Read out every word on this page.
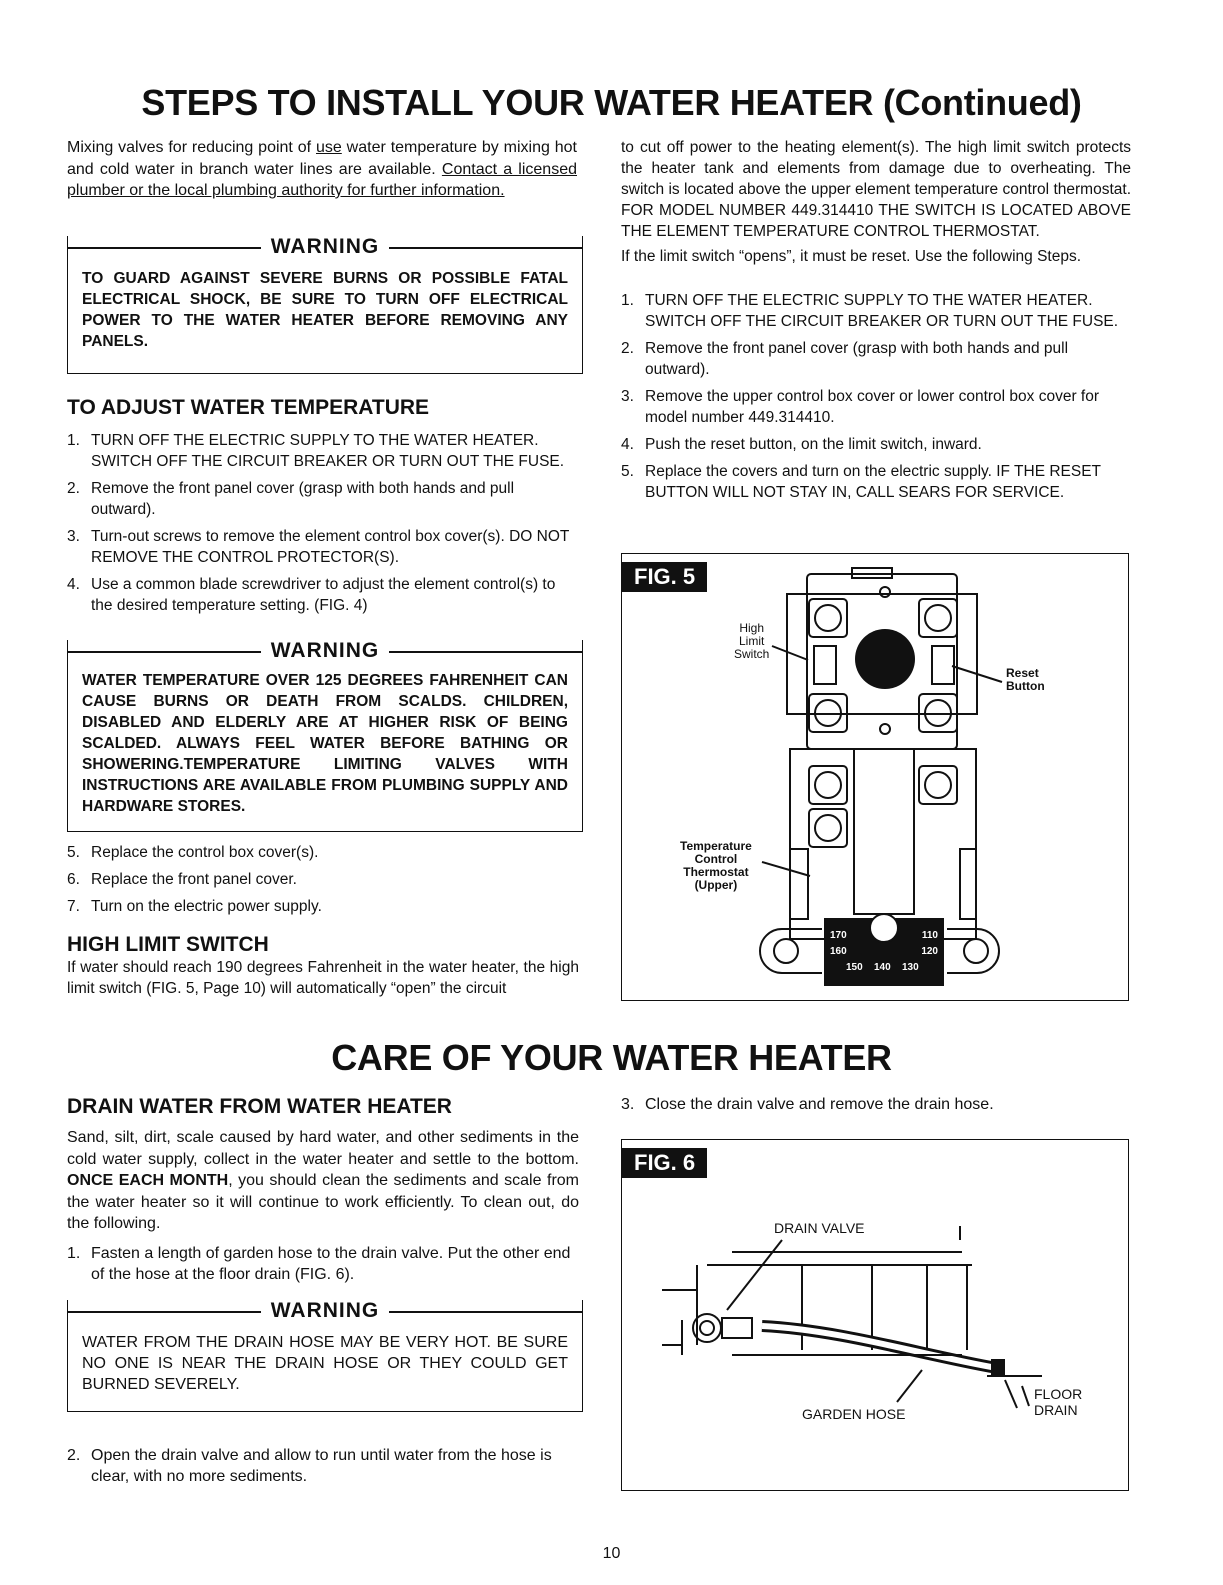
STEPS TO INSTALL YOUR WATER HEATER (Continued)
Mixing valves for reducing point of use water temperature by mixing hot and cold water in branch water lines are available. Contact a licensed plumber or the local plumbing authority for further information.
WARNING
TO GUARD AGAINST SEVERE BURNS OR POSSIBLE FATAL ELECTRICAL SHOCK, BE SURE TO TURN OFF ELECTRICAL POWER TO THE WATER HEATER BEFORE REMOVING ANY PANELS.
TO ADJUST WATER TEMPERATURE
1. TURN OFF THE ELECTRIC SUPPLY TO THE WATER HEATER. SWITCH OFF THE CIRCUIT BREAKER OR TURN OUT THE FUSE.
2. Remove the front panel cover (grasp with both hands and pull outward).
3. Turn-out screws to remove the element control box cover(s). DO NOT REMOVE THE CONTROL PROTECTOR(S).
4. Use a common blade screwdriver to adjust the element control(s) to the desired temperature setting. (FIG. 4)
WARNING
WATER TEMPERATURE OVER 125 DEGREES FAHRENHEIT CAN CAUSE BURNS OR DEATH FROM SCALDS. CHILDREN, DISABLED AND ELDERLY ARE AT HIGHER RISK OF BEING SCALDED. ALWAYS FEEL WATER BEFORE BATHING OR SHOWERING.TEMPERATURE LIMITING VALVES WITH INSTRUCTIONS ARE AVAILABLE FROM PLUMBING SUPPLY AND HARDWARE STORES.
5. Replace the control box cover(s).
6. Replace the front panel cover.
7. Turn on the electric power supply.
HIGH LIMIT SWITCH
If water should reach 190 degrees Fahrenheit in the water heater, the high limit switch (FIG. 5, Page 10) will automatically “open” the circuit
to cut off power to the heating element(s). The high limit switch protects the heater tank and elements from damage due to overheating. The switch is located above the upper element temperature control thermostat. FOR MODEL NUMBER 449.314410 THE SWITCH IS LOCATED ABOVE THE ELEMENT TEMPERATURE CONTROL THERMOSTAT.
If the limit switch “opens”, it must be reset. Use the following Steps.
1. TURN OFF THE ELECTRIC SUPPLY TO THE WATER HEATER. SWITCH OFF THE CIRCUIT BREAKER OR TURN OUT THE FUSE.
2. Remove the front panel cover (grasp with both hands and pull outward).
3. Remove the upper control box cover or lower control box cover for model number 449.314410.
4. Push the reset button, on the limit switch, inward.
5. Replace the covers and turn on the electric supply. IF THE RESET BUTTON WILL NOT STAY IN, CALL SEARS FOR SERVICE.
FIG. 5
High
Limit
Switch
Reset
Button
Temperature
Control
Thermostat
(Upper)
170	110
160	120
150 140 130
CARE OF YOUR WATER HEATER
DRAIN WATER FROM WATER HEATER
Sand, silt, dirt, scale caused by hard water, and other sediments in the cold water supply, collect in the water heater and settle to the bottom. ONCE EACH MONTH, you should clean the sediments and scale from the water heater so it will continue to work efficiently. To clean out, do the following.
1. Fasten a length of garden hose to the drain valve. Put the other end of the hose at the floor drain (FIG. 6).
WARNING
WATER FROM THE DRAIN HOSE MAY BE VERY HOT. BE SURE NO ONE IS NEAR THE DRAIN HOSE OR THEY COULD GET BURNED SEVERELY.
2. Open the drain valve and allow to run until water from the hose is clear, with no more sediments.
3. Close the drain valve and remove the drain hose.
FIG. 6
DRAIN VALVE
GARDEN HOSE
FLOOR
DRAIN
10
